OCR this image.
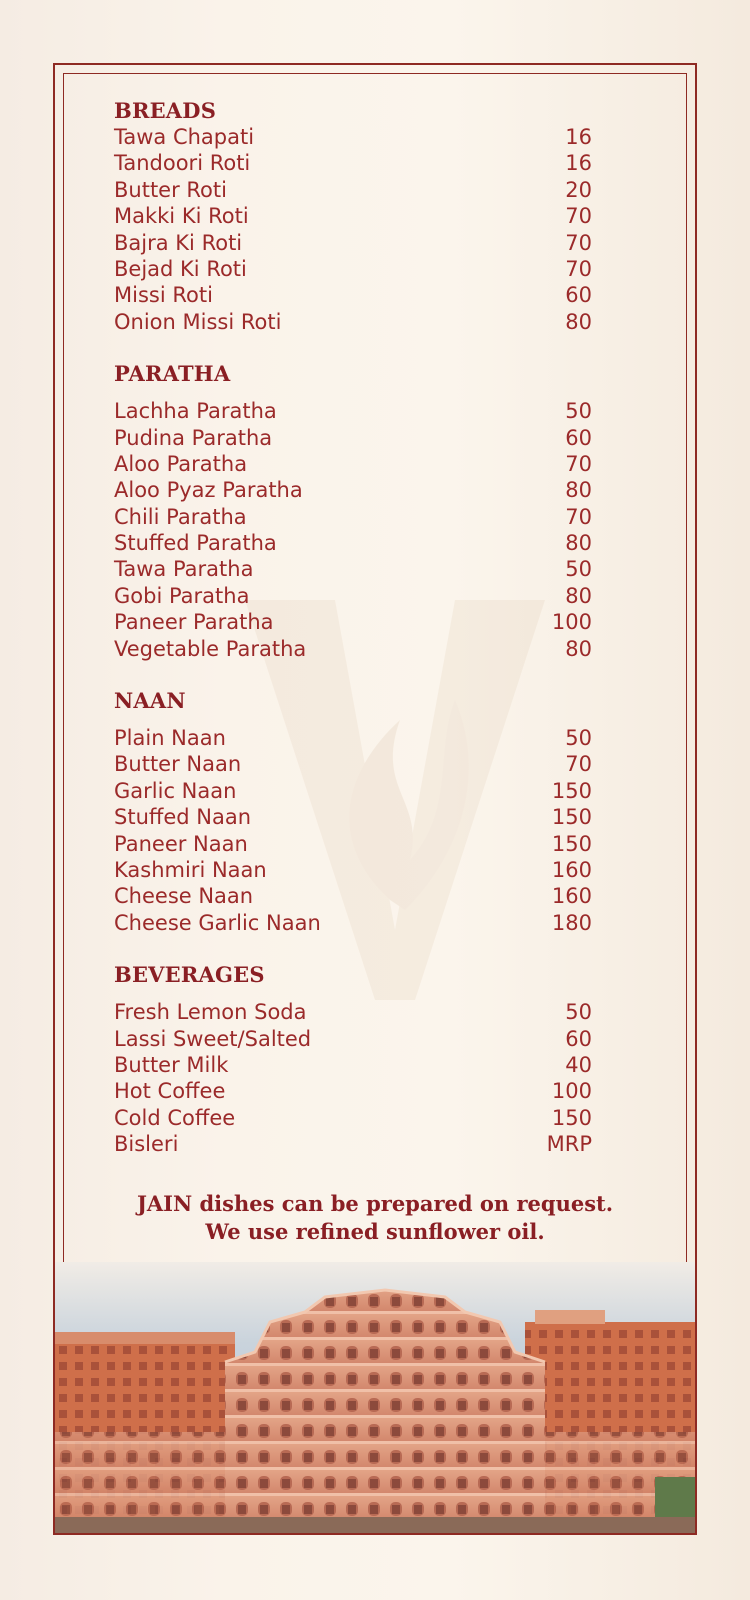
BREADS
Tawa Chapati	16
Tandoori Roti	16
Butter Roti	20
Makki Ki Roti	70
Bajra Ki Roti	70
Bejad Ki Roti	70
Missi Roti	60
Onion Missi Roti	80
PARATHA
Lachha Paratha	50
Pudina Paratha	60
Aloo Paratha	70
Aloo Pyaz Paratha	80
Chili Paratha	70
Stuffed Paratha	80
Tawa Paratha	50
Gobi Paratha	80
Paneer Paratha	100
Vegetable Paratha	80
NAAN
Plain Naan	50
Butter Naan	70
Garlic Naan	150
Stuffed Naan	150
Paneer Naan	150
Kashmiri Naan	160
Cheese Naan	160
Cheese Garlic Naan	180
BEVERAGES
Fresh Lemon Soda	50
Lassi Sweet/Salted	60
Butter Milk	40
Hot Coffee	100
Cold Coffee	150
Bisleri	MRP
JAIN dishes can be prepared on request.
We use refined sunflower oil.
